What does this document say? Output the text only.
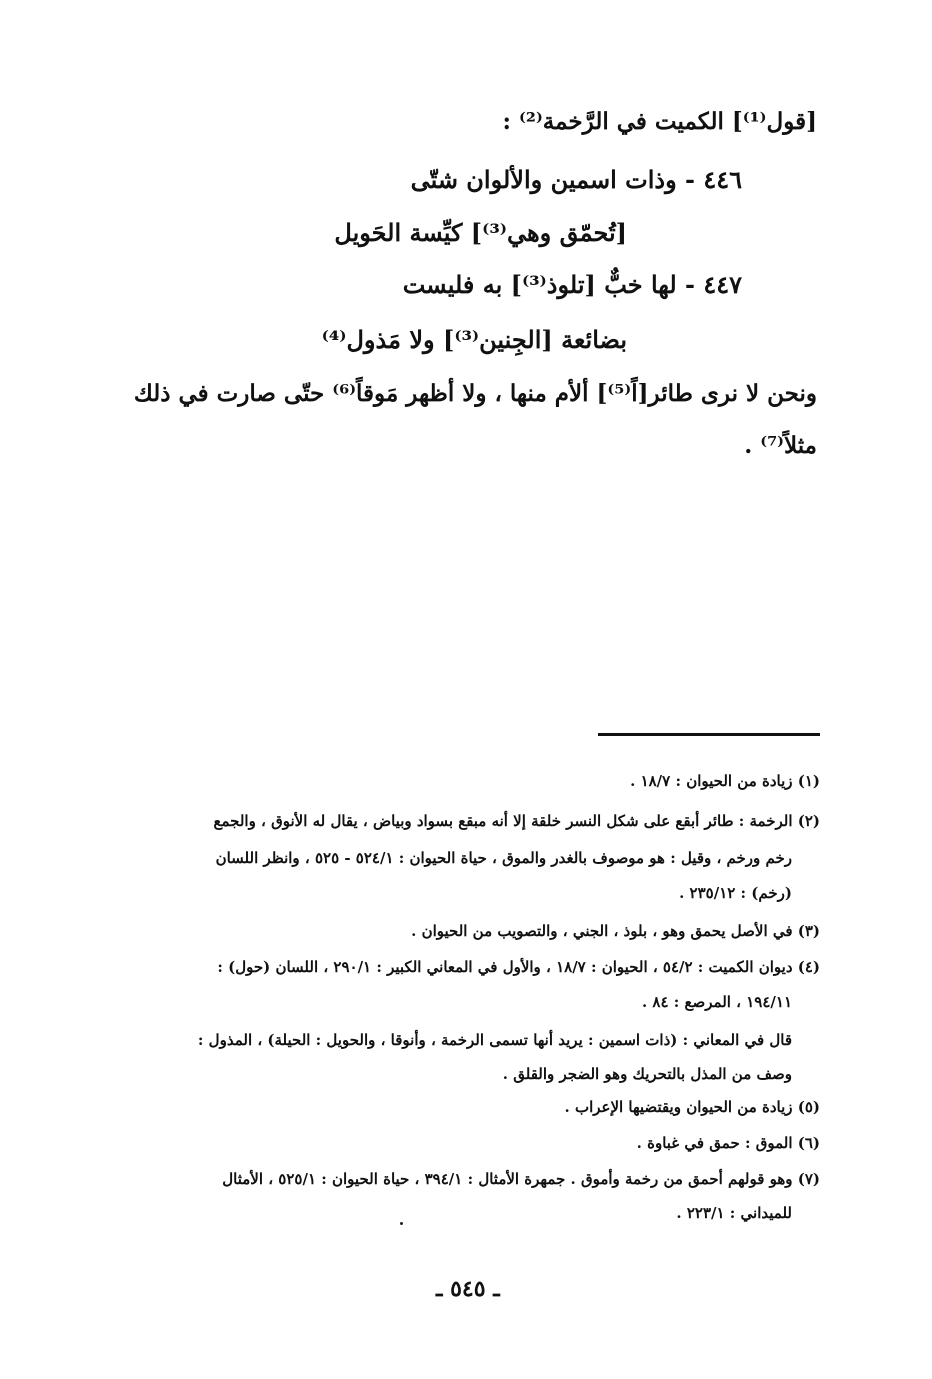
[قول⁽¹⁾] الكميت في الرَّخمة⁽²⁾ :
٤٤٦ - وذات اسمين والألوان شتّى
[تُحمّق وهي⁽³⁾] كيِّسة الحَويل
٤٤٧ - لها خبٌّ [تلوذ⁽³⁾] به فليست
بضائعة [الجِنين⁽³⁾] ولا مَذول⁽⁴⁾
ونحن لا نرى طائر[اً⁽⁵⁾] ألأم منها ، ولا أظهر مَوقاً⁽⁶⁾ حتّى صارت في ذلك
مثلاً⁽⁷⁾ .
(١) زيادة من الحيوان : ١٨/٧ .
(٢) الرخمة : طائر أبقع على شكل النسر خلقة إلا أنه مبقع بسواد وبياض ، يقال له الأنوق ، والجمع
رخم ورخم ، وقيل : هو موصوف بالغدر والموق ، حياة الحيوان : ٥٢٤/١ - ٥٢٥ ، وانظر اللسان
(رخم) : ٢٣٥/١٢ .
(٣) في الأصل يحمق وهو ، بلوذ ، الجني ، والتصويب من الحيوان .
(٤) ديوان الكميت : ٥٤/٢ ، الحيوان : ١٨/٧ ، والأول في المعاني الكبير : ٢٩٠/١ ، اللسان (حول) :
١٩٤/١١ ، المرصع : ٨٤ .
قال في المعاني : (ذات اسمين : يريد أنها تسمى الرخمة ، وأنوقا ، والحويل : الحيلة) ، المذول :
وصف من المذل بالتحريك وهو الضجر والقلق .
(٥) زيادة من الحيوان ويقتضيها الإعراب .
(٦) الموق : حمق في غباوة .
(٧) وهو قولهم أحمق من رخمة وأموق . جمهرة الأمثال : ٣٩٤/١ ، حياة الحيوان : ٥٢٥/١ ، الأمثال
للميداني : ٢٢٣/١ .
ـ ٥٤٥ ـ
